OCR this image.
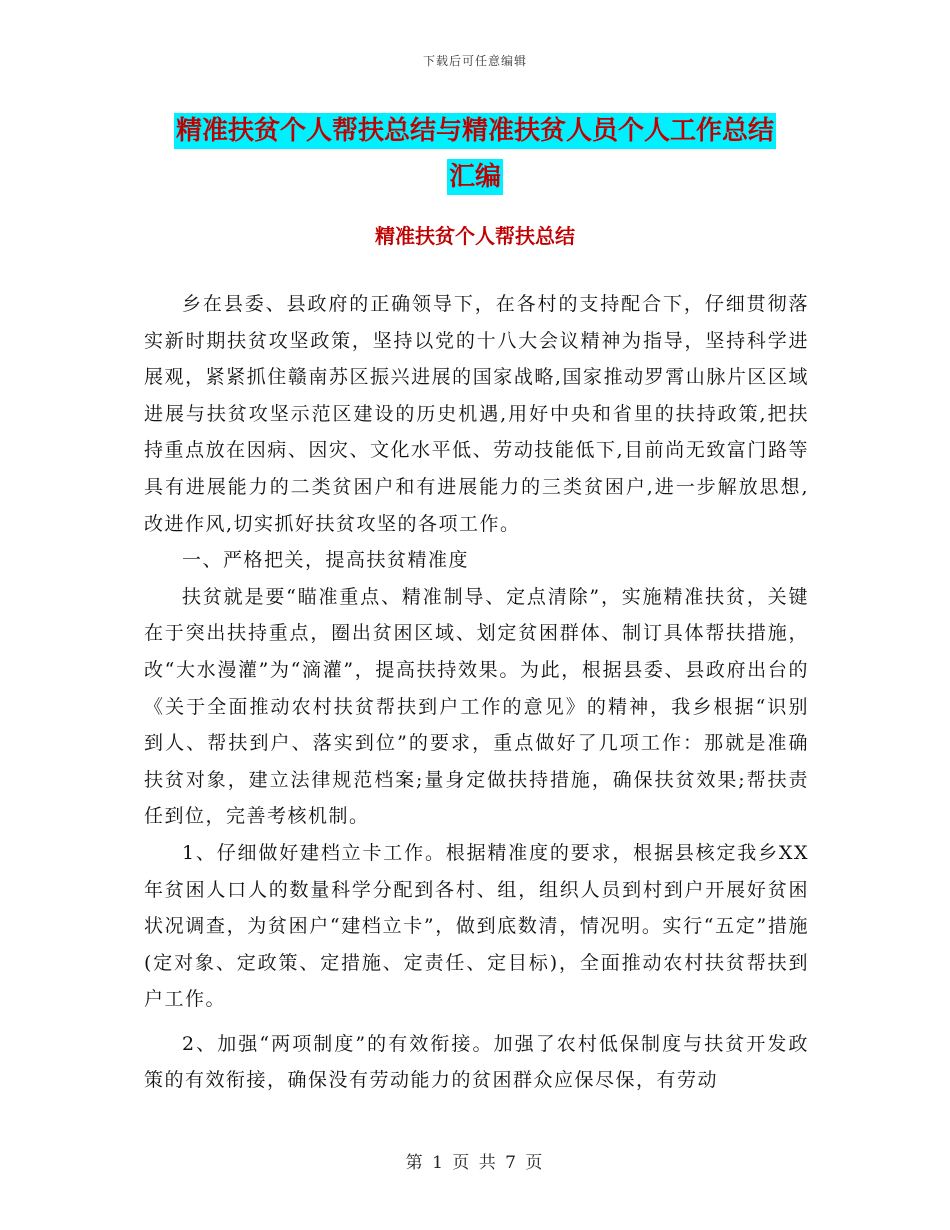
下载后可任意编辑
精准扶贫个人帮扶总结与精准扶贫人员个人工作总结
汇编
精准扶贫个人帮扶总结

乡在县委、县政府的正确领导下，在各村的支持配合下，仔细贯彻落实新时期扶贫攻坚政策，坚持以党的十八大会议精神为指导，坚持科学进展观，紧紧抓住赣南苏区振兴进展的国家战略,国家推动罗霄山脉片区区域进展与扶贫攻坚示范区建设的历史机遇,用好中央和省里的扶持政策,把扶持重点放在因病、因灾、文化水平低、劳动技能低下,目前尚无致富门路等具有进展能力的二类贫困户和有进展能力的三类贫困户,进一步解放思想,改进作风,切实抓好扶贫攻坚的各项工作。

一、严格把关，提高扶贫精准度

扶贫就是要“瞄准重点、精准制导、定点清除”，实施精准扶贫，关键在于突出扶持重点，圈出贫困区域、划定贫困群体、制订具体帮扶措施，改“大水漫灌”为“滴灌”，提高扶持效果。为此，根据县委、县政府出台的《关于全面推动农村扶贫帮扶到户工作的意见》的精神，我乡根据“识别到人、帮扶到户、落实到位”的要求，重点做好了几项工作：那就是准确扶贫对象，建立法律规范档案;量身定做扶持措施，确保扶贫效果;帮扶责任到位，完善考核机制。

1、仔细做好建档立卡工作。根据精准度的要求，根据县核定我乡XX年贫困人口人的数量科学分配到各村、组，组织人员到村到户开展好贫困状况调查，为贫困户“建档立卡”，做到底数清，情况明。实行“五定”措施(定对象、定政策、定措施、定责任、定目标)，全面推动农村扶贫帮扶到户工作。

2、加强“两项制度”的有效衔接。加强了农村低保制度与扶贫开发政策的有效衔接，确保没有劳动能力的贫困群众应保尽保，有劳动

第 1 页 共 7 页
